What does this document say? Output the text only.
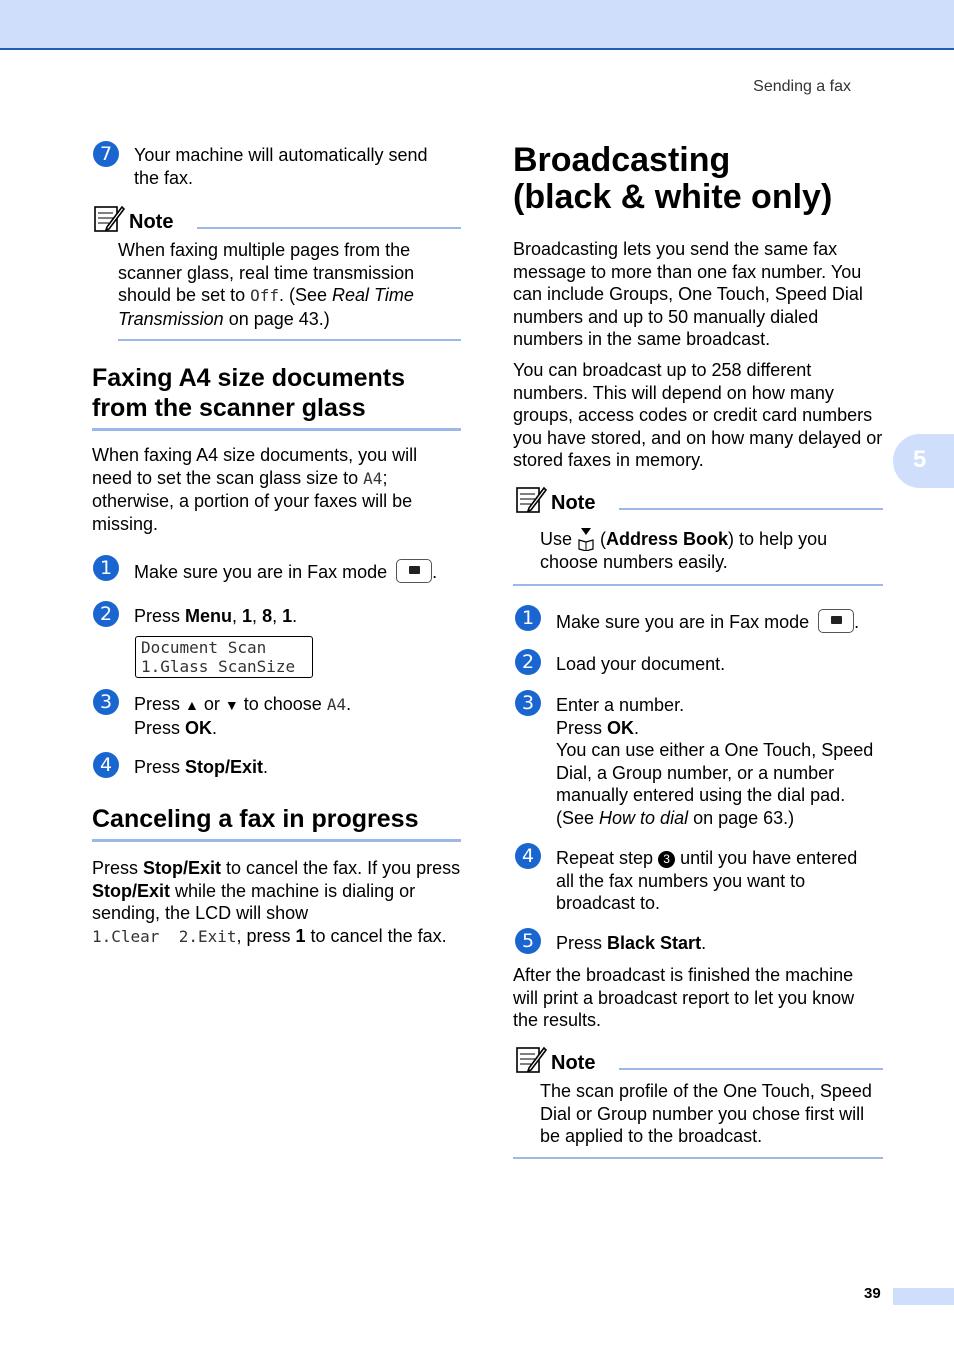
Sending a fax
5
39
7	Your machine will automatically send the fax.
Note
When faxing multiple pages from the
scanner glass, real time transmission
should be set to Off. (See Real Time
Transmission on page 43.)
Faxing A4 size documents from the scanner glass
When faxing A4 size documents, you will need to set the scan glass size to A4; otherwise, a portion of your faxes will be missing.
1	Make sure you are in Fax mode .
2	Press Menu, 1, 8, 1.
Document Scan
1.Glass ScanSize
3	Press ▲ or ▼ to choose A4.
Press OK.
4	Press Stop/Exit.
Canceling a fax in progress
Press Stop/Exit to cancel the fax. If you press Stop/Exit while the machine is dialing or sending, the LCD will show 1.Clear  2.Exit, press 1 to cancel the fax.
Broadcasting
(black & white only)
Broadcasting lets you send the same fax message to more than one fax number. You can include Groups, One Touch, Speed Dial numbers and up to 50 manually dialed numbers in the same broadcast.
You can broadcast up to 258 different numbers. This will depend on how many groups, access codes or credit card numbers you have stored, and on how many delayed or stored faxes in memory.
Note
Use  (Address Book) to help you
choose numbers easily.
1	Make sure you are in Fax mode .
2	Load your document.
3	Enter a number.
Press OK.
You can use either a One Touch, Speed Dial, a Group number, or a number manually entered using the dial pad. (See How to dial on page 63.)
4	Repeat step 3 until you have entered all the fax numbers you want to broadcast to.
5	Press Black Start.
After the broadcast is finished the machine will print a broadcast report to let you know the results.
Note
The scan profile of the One Touch, Speed Dial or Group number you chose first will be applied to the broadcast.
